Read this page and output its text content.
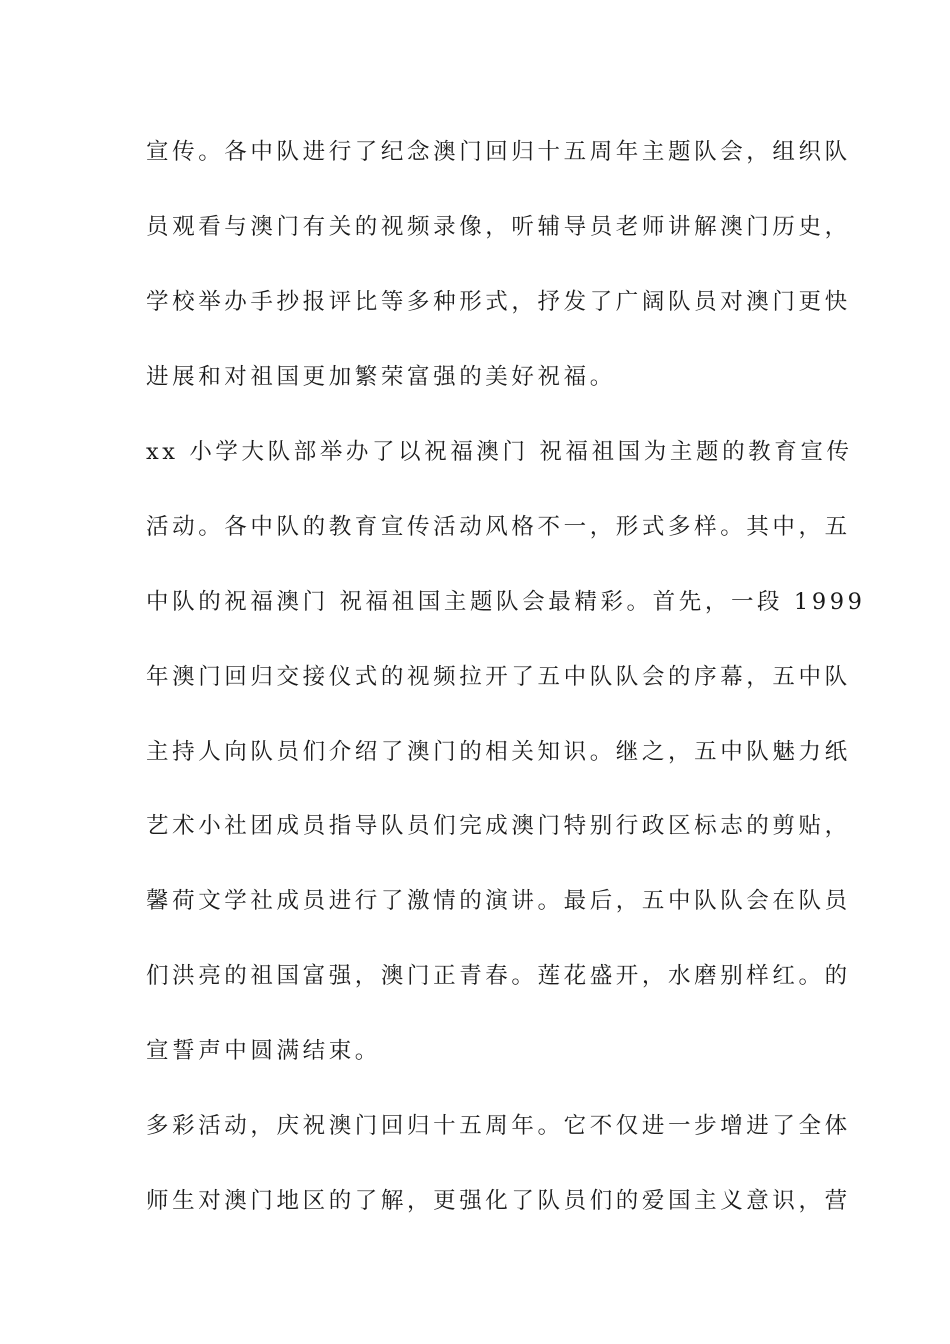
宣传。各中队进行了纪念澳门回归十五周年主题队会，组织队
员观看与澳门有关的视频录像，听辅导员老师讲解澳门历史，
学校举办手抄报评比等多种形式，抒发了广阔队员对澳门更快
进展和对祖国更加繁荣富强的美好祝福。
xx 小学大队部举办了以祝福澳门 祝福祖国为主题的教育宣传
活动。各中队的教育宣传活动风格不一，形式多样。其中，五
中队的祝福澳门 祝福祖国主题队会最精彩。首先，一段 1999
年澳门回归交接仪式的视频拉开了五中队队会的序幕，五中队
主持人向队员们介绍了澳门的相关知识。继之，五中队魅力纸
艺术小社团成员指导队员们完成澳门特别行政区标志的剪贴，
馨荷文学社成员进行了激情的演讲。最后，五中队队会在队员
们洪亮的祖国富强，澳门正青春。莲花盛开，水磨别样红。的
宣誓声中圆满结束。
多彩活动，庆祝澳门回归十五周年。它不仅进一步增进了全体
师生对澳门地区的了解，更强化了队员们的爱国主义意识，营
